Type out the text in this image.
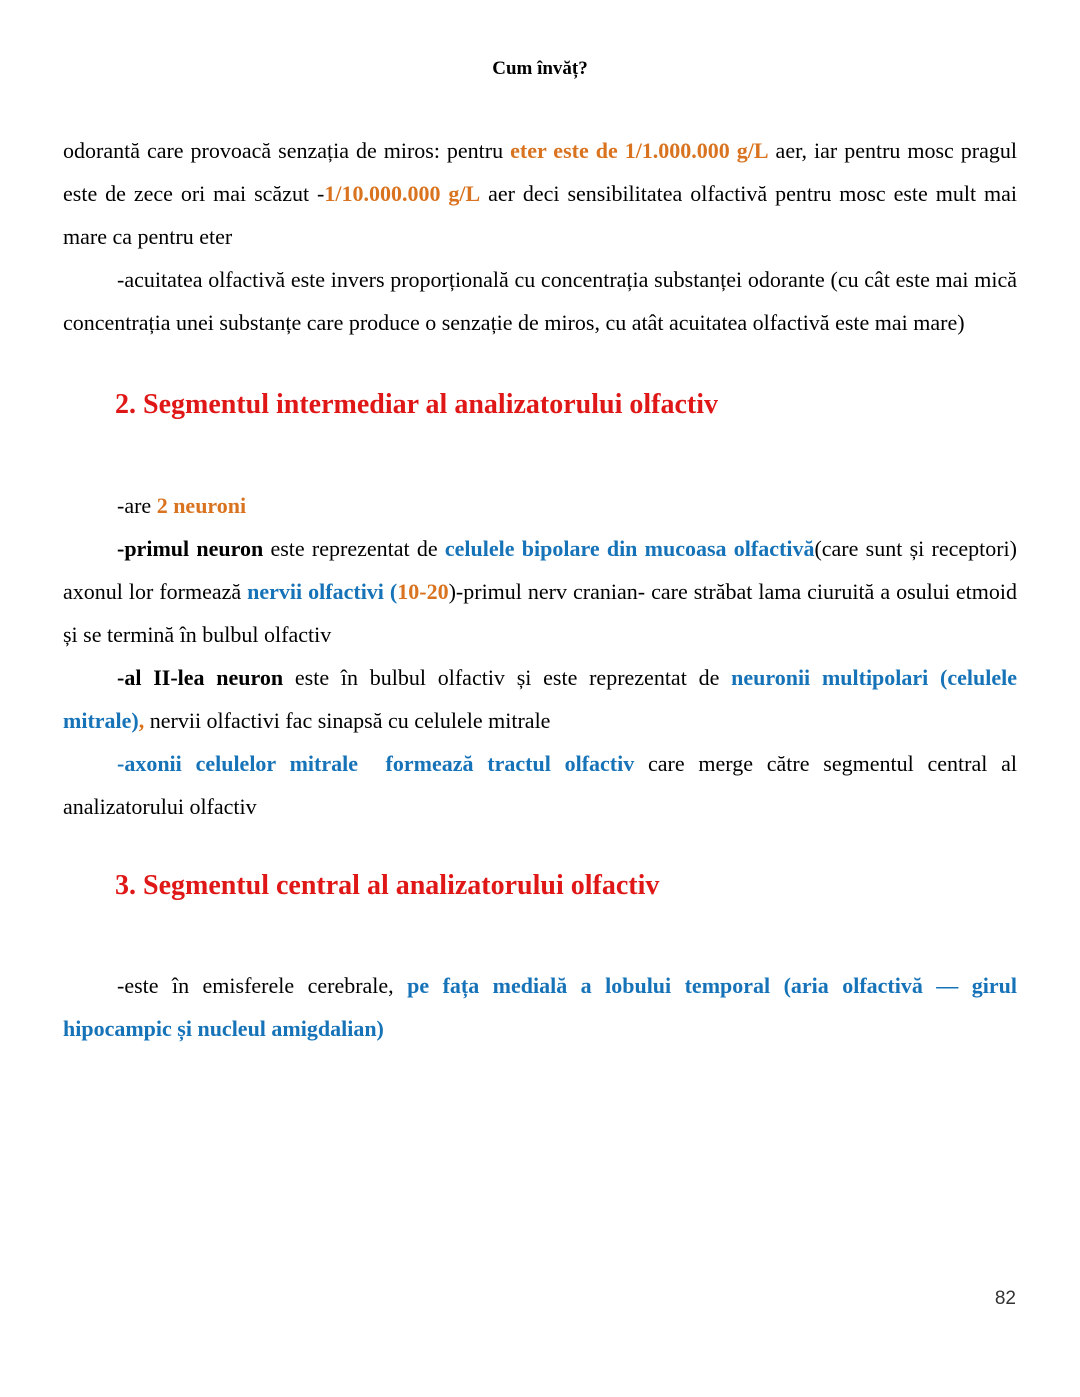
Cum învăț?

odorantă care provoacă senzația de miros: pentru eter este de 1/1.000.000 g/L aer, iar pentru mosc pragul este de zece ori mai scăzut -1/10.000.000 g/L aer deci sensibilitatea olfactivă pentru mosc este mult mai mare ca pentru eter

-acuitatea olfactivă este invers proporțională cu concentrația substanței odorante (cu cât este mai mică concentrația unei substanțe care produce o senzație de miros, cu atât acuitatea olfactivă este mai mare)

2. Segmentul intermediar al analizatorului olfactiv

-are 2 neuroni

-primul neuron este reprezentat de celulele bipolare din mucoasa olfactivă(care sunt și receptori) axonul lor formează nervii olfactivi (10-20)-primul nerv cranian- care străbat lama ciuruită a osului etmoid și se termină în bulbul olfactiv

-al II-lea neuron este în bulbul olfactiv și este reprezentat de neuronii multipolari (celulele mitrale), nervii olfactivi fac sinapsă cu celulele mitrale

-axonii celulelor mitrale  formează tractul olfactiv care merge către segmentul central al analizatorului olfactiv

3. Segmentul central al analizatorului olfactiv

-este în emisferele cerebrale, pe fața medială a lobului temporal (aria olfactivă — girul hipocampic și nucleul amigdalian)

82
